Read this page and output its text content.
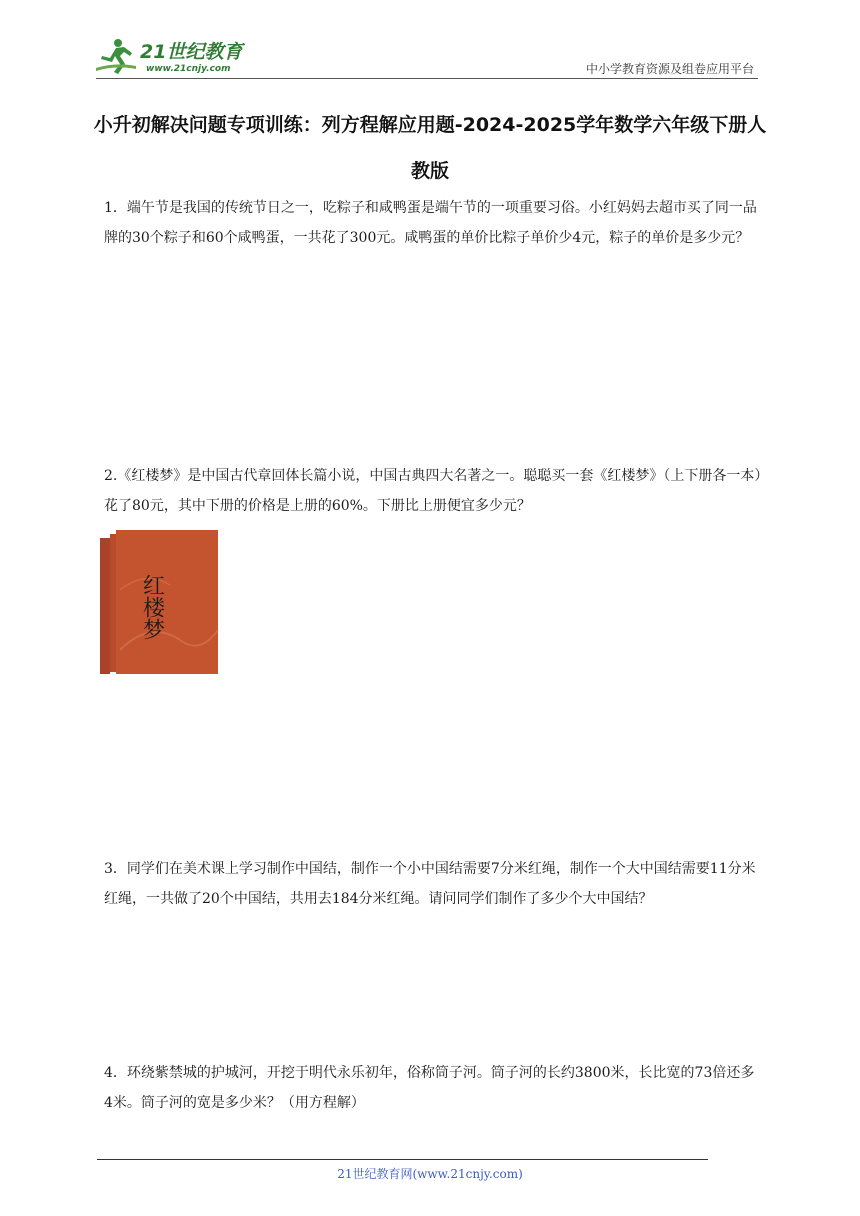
21世纪教育
www.21cnjy.com	中小学教育资源及组卷应用平台
小升初解决问题专项训练：列方程解应用题-2024-2025学年数学六年级下册人教版
1．端午节是我国的传统节日之一，吃粽子和咸鸭蛋是端午节的一项重要习俗。小红妈妈去超市买了同一品牌的30个粽子和60个咸鸭蛋，一共花了300元。咸鸭蛋的单价比粽子单价少4元，粽子的单价是多少元？
2.《红楼梦》是中国古代章回体长篇小说，中国古典四大名著之一。聪聪买一套《红楼梦》（上下册各一本）花了80元，其中下册的价格是上册的60%。下册比上册便宜多少元？
红楼梦
3．同学们在美术课上学习制作中国结，制作一个小中国结需要7分米红绳，制作一个大中国结需要11分米红绳，一共做了20个中国结，共用去184分米红绳。请问同学们制作了多少个大中国结？
4．环绕紫禁城的护城河，开挖于明代永乐初年，俗称筒子河。筒子河的长约3800米，长比宽的73倍还多4米。筒子河的宽是多少米？（用方程解）
21世纪教育网(www.21cnjy.com)
